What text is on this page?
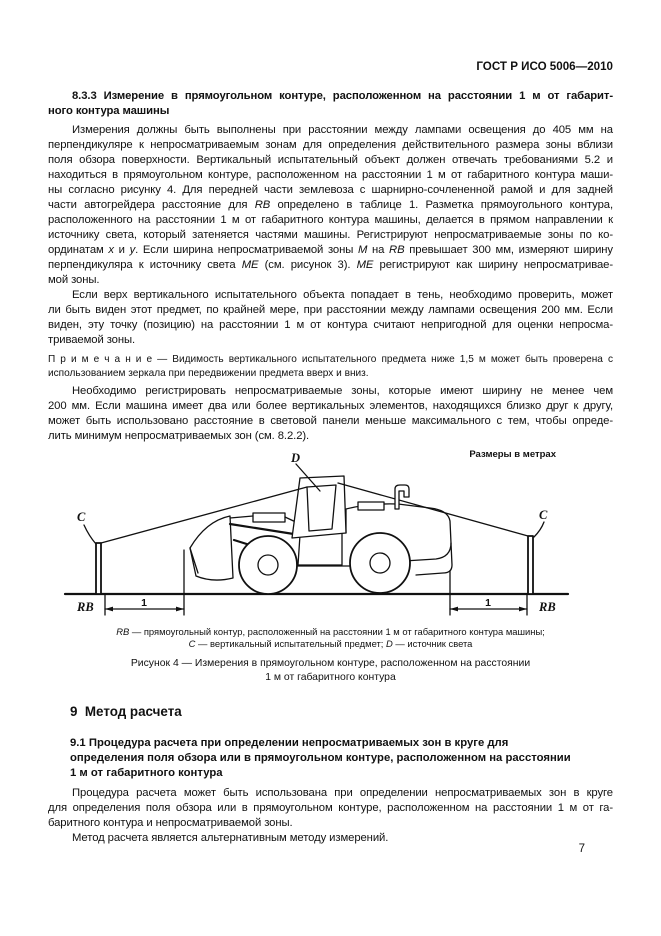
ГОСТ Р ИСО 5006—2010
8.3.3 Измерение в прямоугольном контуре, расположенном на расстоянии 1 м от габарит-
ного контура машины
Измерения должны быть выполнены при расстоянии между лампами освещения до 405 мм на
перпендикуляре к непросматриваемым зонам для определения действительного размера зоны вблизи
поля обзора поверхности. Вертикальный испытательный объект должен отвечать требованиями 5.2 и
находиться в прямоугольном контуре, расположенном на расстоянии 1 м от габаритного контура маши-
ны согласно рисунку 4. Для передней части землевоза с шарнирно-сочлененной рамой и для задней
части автогрейдера расстояние для RB определено в таблице 1. Разметка прямоугольного контура,
расположенного на расстоянии 1 м от габаритного контура машины, делается в прямом направлении к
источнику света, который затеняется частями машины. Регистрируют непросматриваемые зоны по ко-
ординатам x и y. Если ширина непросматриваемой зоны M на RB превышает 300 мм, измеряют ширину
перпендикуляра к источнику света ME (см. рисунок 3). ME регистрируют как ширину непросматривае-
мой зоны.
Если верх вертикального испытательного объекта попадает в тень, необходимо проверить, может
ли быть виден этот предмет, по крайней мере, при расстоянии между лампами освещения 200 мм. Если
виден, эту точку (позицию) на расстоянии 1 м от контура считают непригодной для оценки непросма-
триваемой зоны.
П р и м е ч а н и е — Видимость вертикального испытательного предмета ниже 1,5 м может быть проверена с
использованием зеркала при передвижении предмета вверх и вниз.
Необходимо регистрировать непросматриваемые зоны, которые имеют ширину не менее чем
200 мм. Если машина имеет два или более вертикальных элементов, находящихся близко друг к другу,
может быть использовано расстояние в световой панели меньше максимального с тем, чтобы опреде-
лить минимум непросматриваемых зон (см. 8.2.2).
Размеры в метрах
D
C	C
1	1
RB	RB
RB — прямоугольный контур, расположенный на расстоянии 1 м от габаритного контура машины;
C — вертикальный испытательный предмет; D — источник света
Рисунок 4 — Измерения в прямоугольном контуре, расположенном на расстоянии
1 м от габаритного контура
9  Метод расчета
9.1 Процедура расчета при определении непросматриваемых зон в круге для
определения поля обзора или в прямоугольном контуре, расположенном на расстоянии
1 м от габаритного контура
Процедура расчета может быть использована при определении непросматриваемых зон в круге
для определения поля обзора или в прямоугольном контуре, расположенном на расстоянии 1 м от га-
баритного контура и непросматриваемой зоны.
Метод расчета является альтернативным методу измерений.
7
